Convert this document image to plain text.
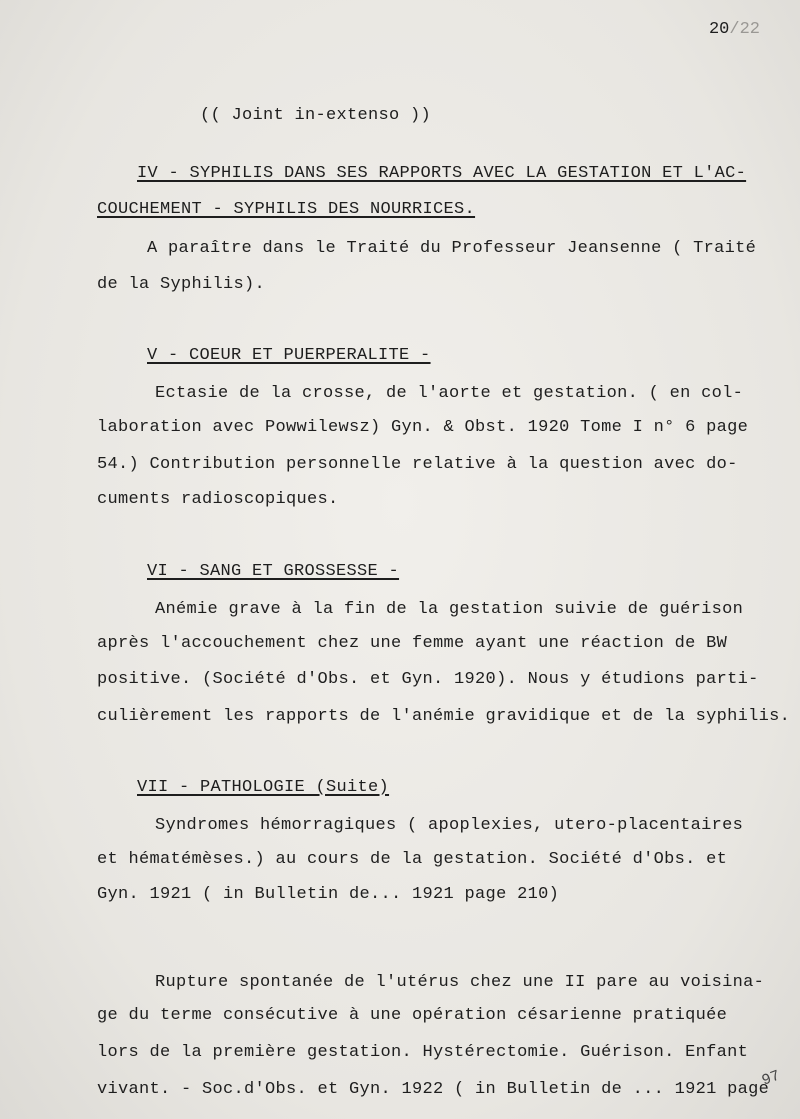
20/22
(( Joint in-extenso ))
IV - SYPHILIS DANS SES RAPPORTS AVEC LA GESTATION ET L'AC-
COUCHEMENT - SYPHILIS DES NOURRICES.
A paraître dans le Traité du Professeur Jeansenne ( Traité
de la Syphilis).
V - COEUR ET PUERPERALITE -
Ectasie de la crosse, de l'aorte et gestation. ( en col-
laboration avec Powwilewsz) Gyn. & Obst. 1920 Tome I n° 6 page
54.) Contribution personnelle relative à la question avec do-
cuments radioscopiques.
VI - SANG ET GROSSESSE -
Anémie grave à la fin de la gestation suivie de guérison
après l'accouchement chez une femme ayant une réaction de BW
positive. (Société d'Obs. et Gyn. 1920). Nous y étudions parti-
culièrement les rapports de l'anémie gravidique et de la syphilis.
VII - PATHOLOGIE (Suite)
Syndromes hémorragiques ( apoplexies, utero-placentaires
et hématémèses.) au cours de la gestation. Société d'Obs. et
Gyn. 1921 ( in Bulletin de... 1921 page 210)
Rupture spontanée de l'utérus chez une II pare au voisina-
ge du terme consécutive à une opération césarienne pratiquée
lors de la première gestation. Hystérectomie. Guérison. Enfant
vivant. - Soc.d'Obs. et Gyn. 1922 ( in Bulletin de ... 1921 page
97
